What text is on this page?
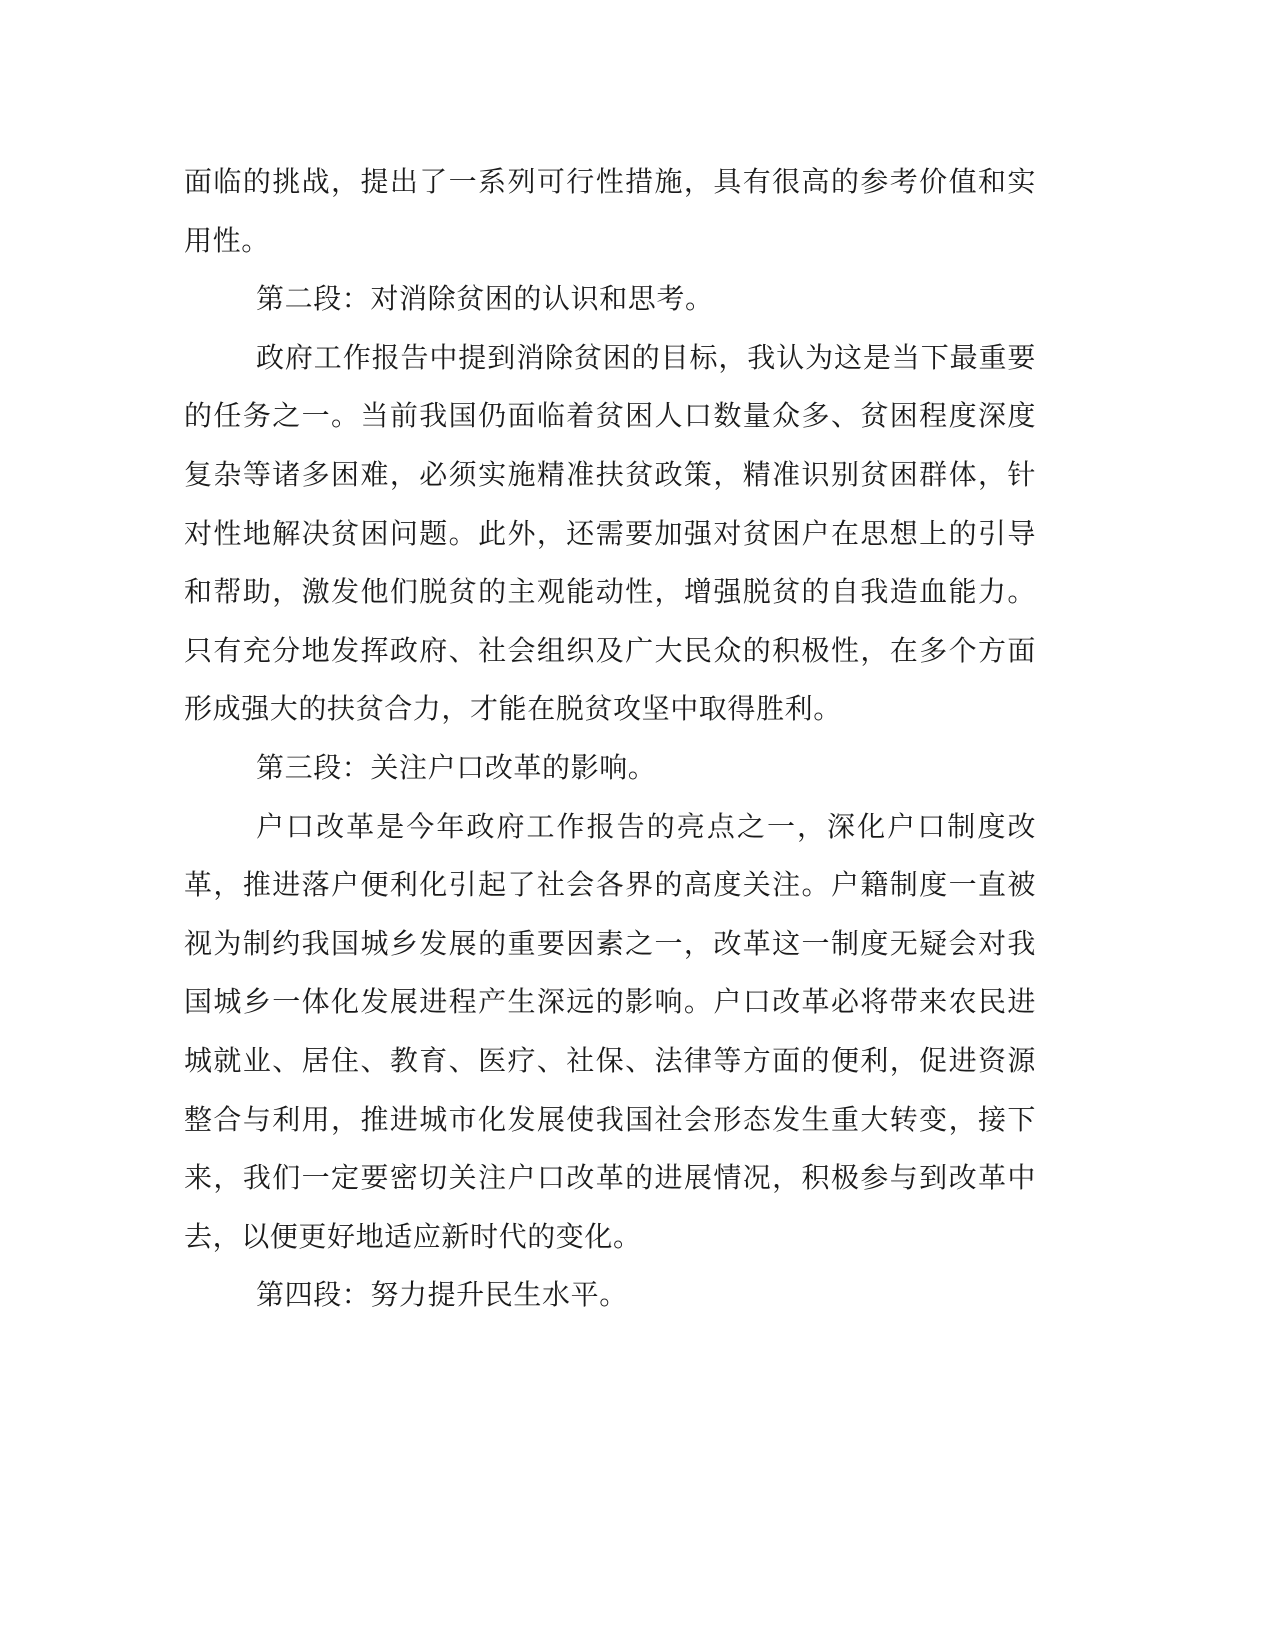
面临的挑战，提出了一系列可行性措施，具有很高的参考价值和实用性。

第二段：对消除贫困的认识和思考。

政府工作报告中提到消除贫困的目标，我认为这是当下最重要的任务之一。当前我国仍面临着贫困人口数量众多、贫困程度深度复杂等诸多困难，必须实施精准扶贫政策，精准识别贫困群体，针对性地解决贫困问题。此外，还需要加强对贫困户在思想上的引导和帮助，激发他们脱贫的主观能动性，增强脱贫的自我造血能力。只有充分地发挥政府、社会组织及广大民众的积极性，在多个方面形成强大的扶贫合力，才能在脱贫攻坚中取得胜利。

第三段：关注户口改革的影响。

户口改革是今年政府工作报告的亮点之一，深化户口制度改革，推进落户便利化引起了社会各界的高度关注。户籍制度一直被视为制约我国城乡发展的重要因素之一，改革这一制度无疑会对我国城乡一体化发展进程产生深远的影响。户口改革必将带来农民进城就业、居住、教育、医疗、社保、法律等方面的便利，促进资源整合与利用，推进城市化发展使我国社会形态发生重大转变，接下来，我们一定要密切关注户口改革的进展情况，积极参与到改革中去，以便更好地适应新时代的变化。

第四段：努力提升民生水平。
